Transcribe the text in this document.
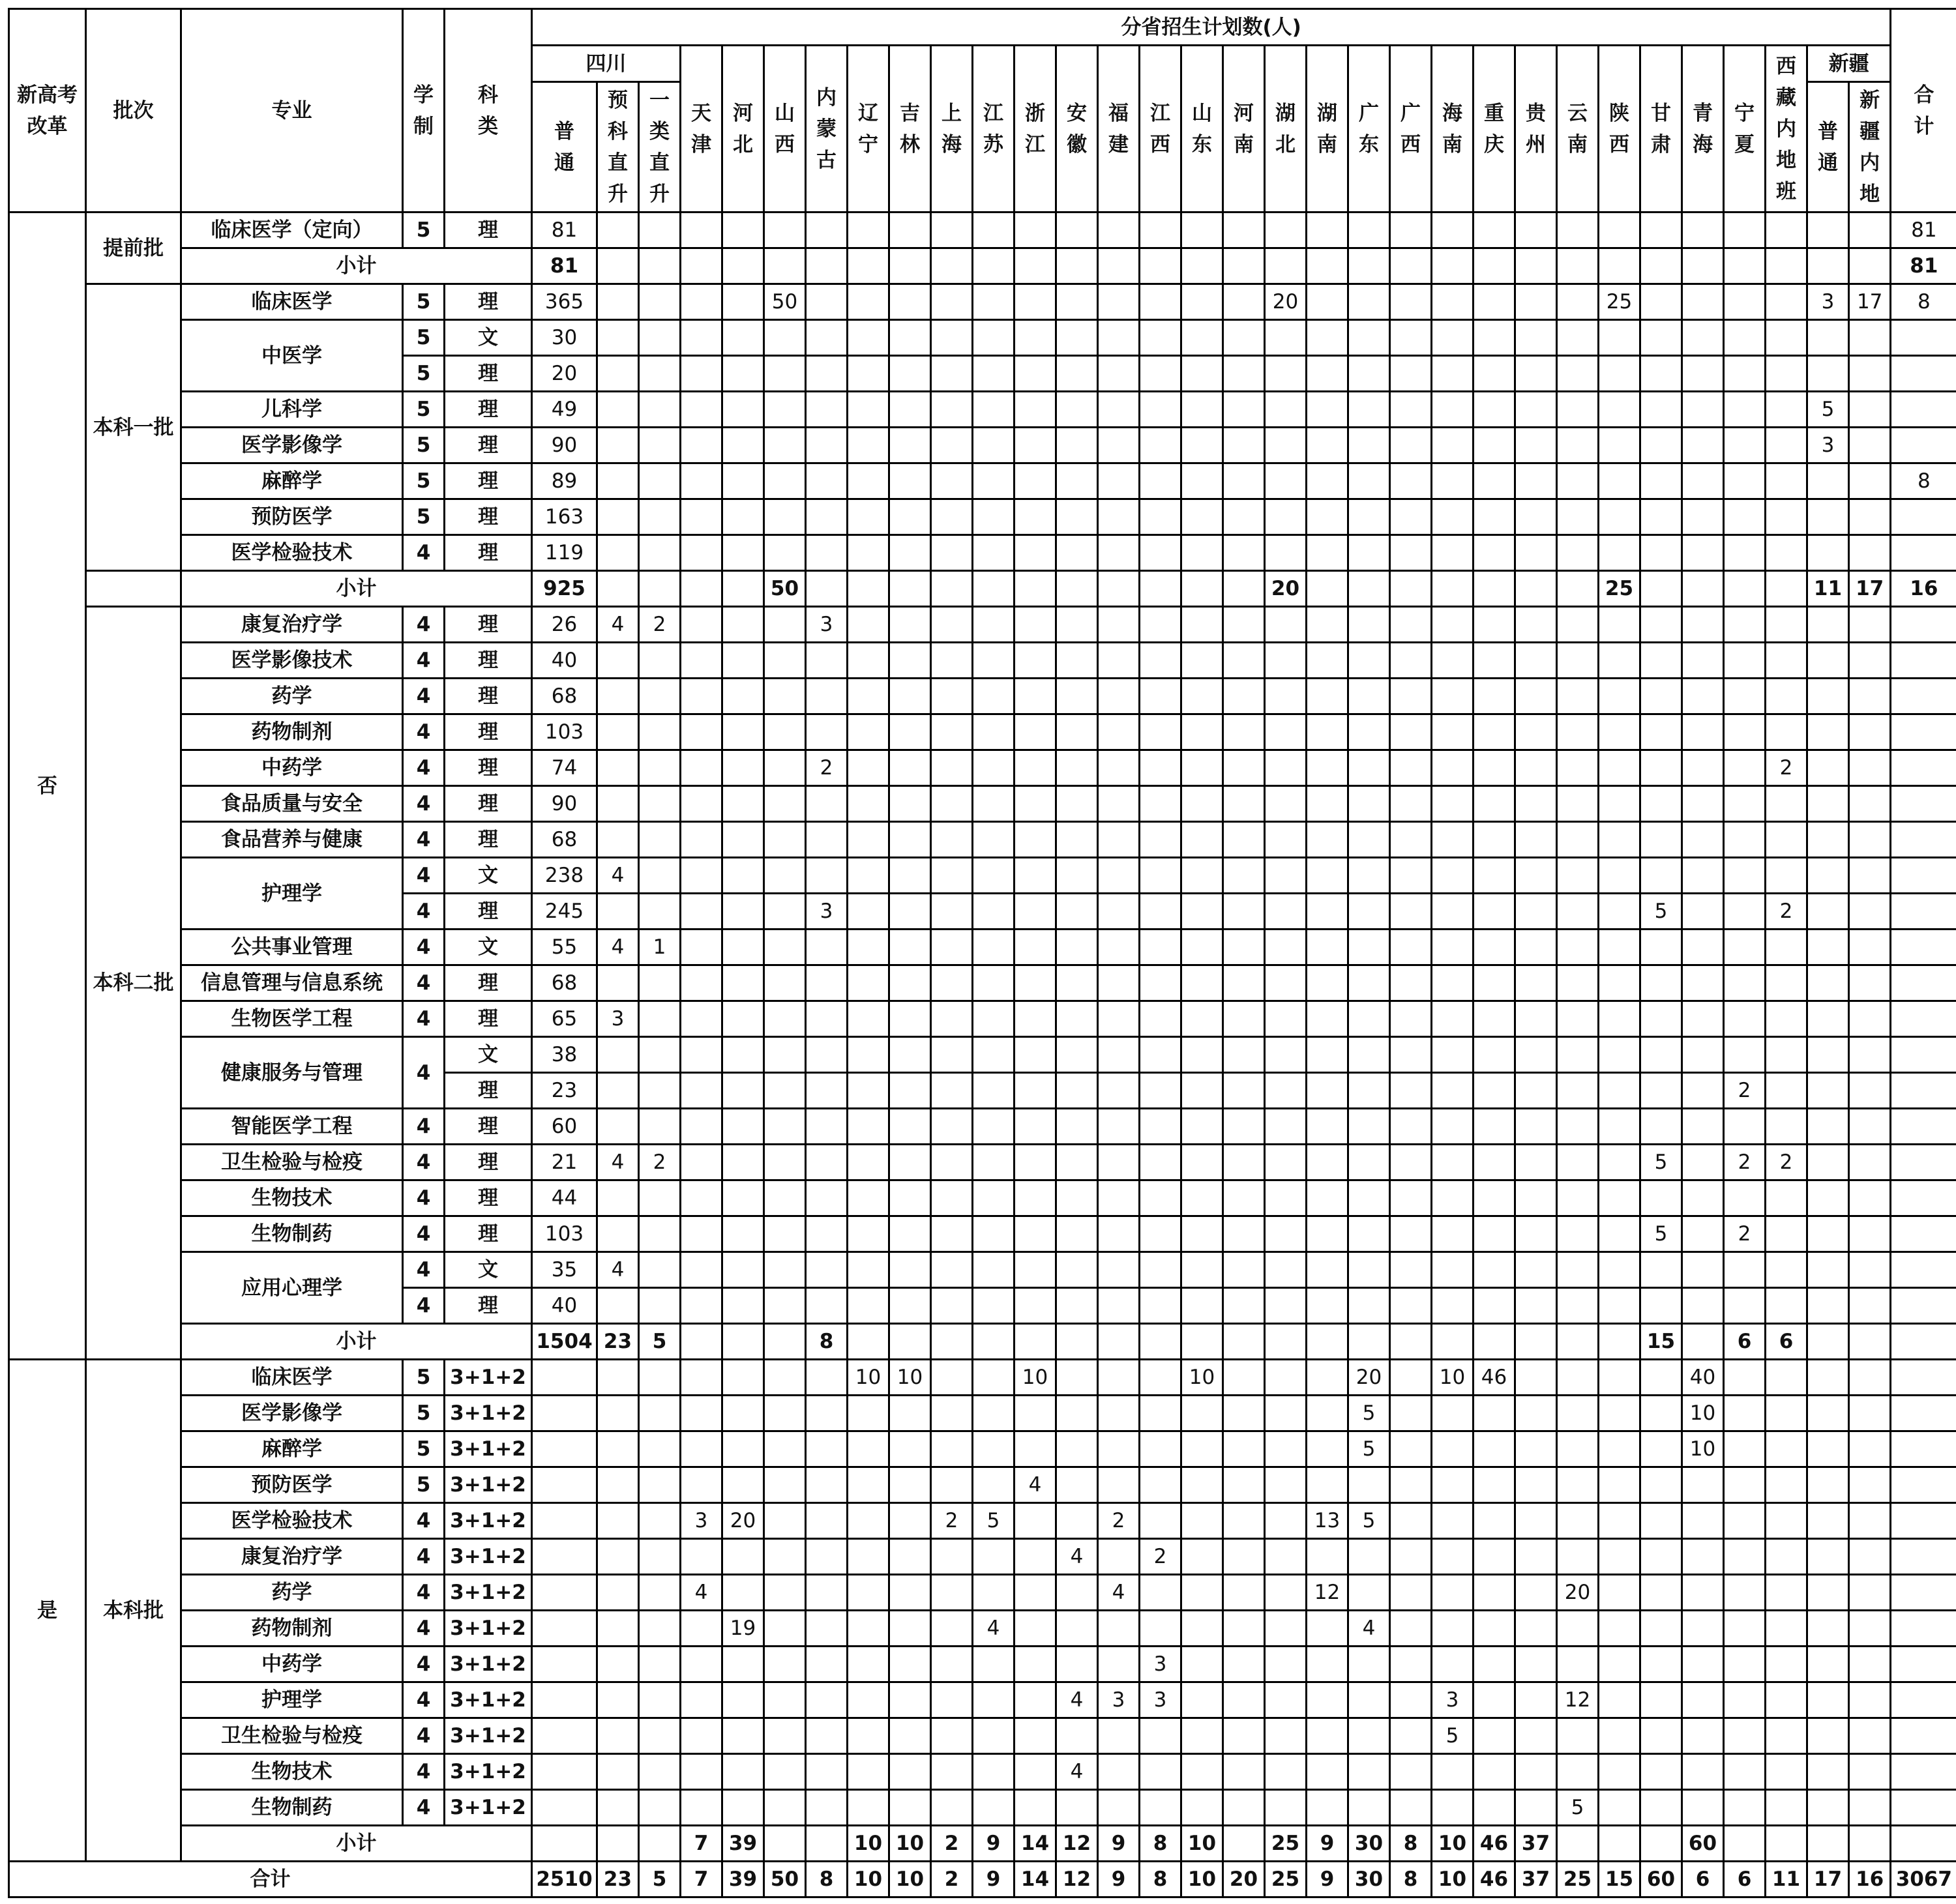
新高考改革	批次	专业	学制	科类	分省招生计划数(人)																																合计

					四川			天津	河北	山西	内蒙古	辽宁	吉林	上海	江苏	浙江	安徽	福建	江西	山东	河南	湖北	湖南	广东	广西	海南	重庆	贵州	云南	陕西	甘肃	青海	宁夏	西藏内地班	新疆		

					普通	预科直升	一类直升																												普通	新疆内地	

否	提前批	临床医学（定向）	5	理	81																																81
		小计			81																																81
	本科一批	临床医学	5	理	365					50												20								25					3	17	8
		中医学	5	文	30																																
			5	理	20																																
		儿科学	5	理	49																														5		
		医学影像学	5	理	90																														3		
		麻醉学	5	理	89																																8
		预防医学	5	理	163																																
		医学检验技术	4	理	119																																
		小计			925					50												20								25					11	17	16
	本科二批	康复治疗学	4	理	26	4	2				3																										
		医学影像技术	4	理	40																																
		药学	4	理	68																																
		药物制剂	4	理	103																																
		中药学	4	理	74						2																							2			
		食品质量与安全	4	理	90																																
		食品营养与健康	4	理	68																																
		护理学	4	文	238	4																															
			4	理	245						3																				5			2			
		公共事业管理	4	文	55	4	1																														
		信息管理与信息系统	4	理	68																																
		生物医学工程	4	理	65	3																															
		健康服务与管理	4	文	38																																
				理	23																												2				
		智能医学工程	4	理	60																																
		卫生检验与检疫	4	理	21	4	2																								5		2	2			
		生物技术	4	理	44																																
		生物制药	4	理	103																										5		2				
		应用心理学	4	文	35	4																															
			4	理	40																																
		小计			1504	23	5				8																				15		6	6			
是	本科批	临床医学	5	3+1+2								10	10			10				10				20		10	46					40					
		医学影像学	5	3+1+2																				5								10					
		麻醉学	5	3+1+2																				5								10					
		预防医学	5	3+1+2												4																					
		医学检验技术	4	3+1+2				3	20					2	5			2					13	5													
		康复治疗学	4	3+1+2													4		2																		
		药学	4	3+1+2				4										4					12						20								
		药物制剂	4	3+1+2					19						4									4													
		中药学	4	3+1+2															3																		
		护理学	4	3+1+2													4	3	3							3			12								
		卫生检验与检疫	4	3+1+2																						5											
		生物技术	4	3+1+2													4																				
		生物制药	4	3+1+2																									5								
		小计						7	39			10	10	2	9	14	12	9	8	10		25	9	30	8	10	46	37				60					
合计					2510	23	5	7	39	50	8	10	10	2	9	14	12	9	8	10	20	25	9	30	8	10	46	37	25	15	60	6	6	11	17	16	3067
